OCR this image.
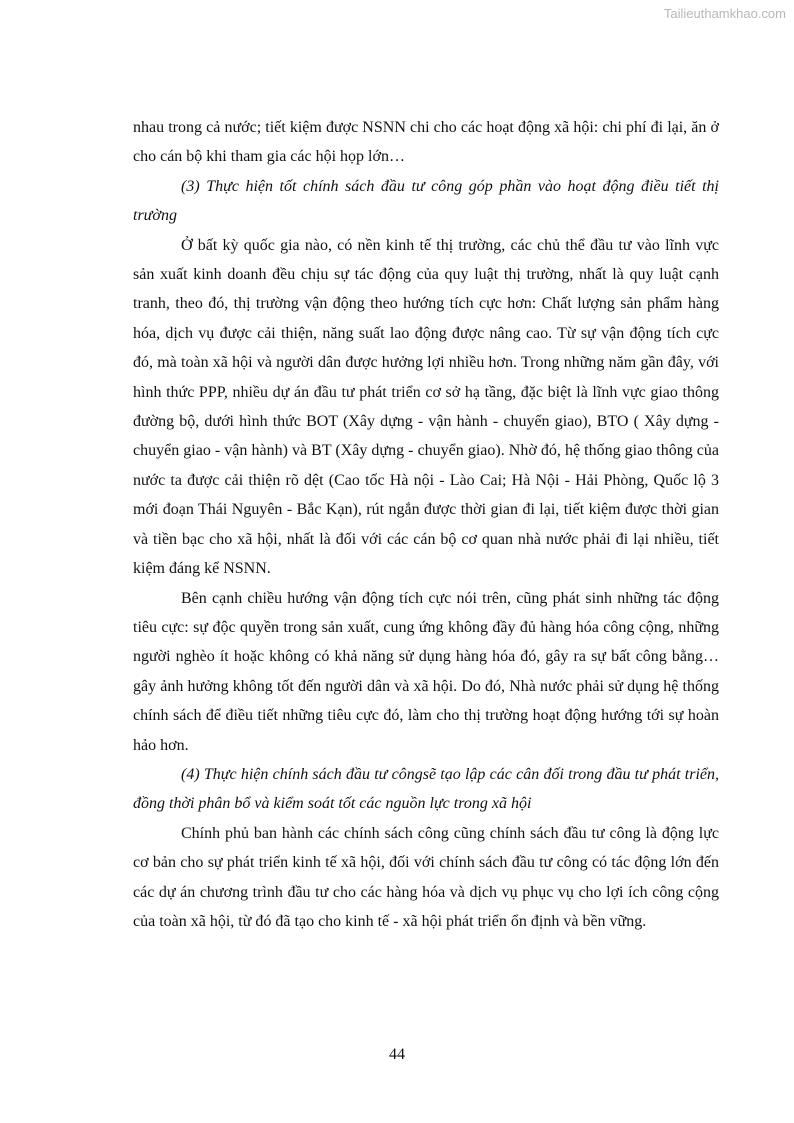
Tailieuthamkhao.com

nhau trong cả nước; tiết kiệm được NSNN chi cho các hoạt động xã hội: chi phí đi lại, ăn ở cho cán bộ khi tham gia các hội họp lớn…

(3) Thực hiện tốt chính sách đầu tư công góp phần vào hoạt động điều tiết thị trường

Ở bất kỳ quốc gia nào, có nền kinh tế thị trường, các chủ thể đầu tư vào lĩnh vực sản xuất kinh doanh đều chịu sự tác động của quy luật thị trường, nhất là quy luật cạnh tranh, theo đó, thị trường vận động theo hướng tích cực hơn: Chất lượng sản phẩm hàng hóa, dịch vụ được cải thiện, năng suất lao động được nâng cao. Từ sự vận động tích cực đó, mà toàn xã hội và người dân được hưởng lợi nhiều hơn. Trong những năm gần đây, với hình thức PPP, nhiều dự án đầu tư phát triển cơ sở hạ tầng, đặc biệt là lĩnh vực giao thông đường bộ, dưới hình thức BOT (Xây dựng - vận hành - chuyển giao), BTO ( Xây dựng - chuyển giao - vận hành) và BT (Xây dựng - chuyển giao). Nhờ đó, hệ thống giao thông của nước ta được cải thiện rõ dệt (Cao tốc Hà nội - Lào Cai; Hà Nội - Hải Phòng, Quốc lộ 3 mới đoạn Thái Nguyên - Bắc Kạn), rút ngắn được thời gian đi lại, tiết kiệm được thời gian và tiền bạc cho xã hội, nhất là đối với các cán bộ cơ quan nhà nước phải đi lại nhiều, tiết kiệm đáng kể NSNN.

Bên cạnh chiều hướng vận động tích cực nói trên, cũng phát sinh những tác động tiêu cực: sự độc quyền trong sản xuất, cung ứng không đầy đủ hàng hóa công cộng, những người nghèo ít hoặc không có khả năng sử dụng hàng hóa đó, gây ra sự bất công bằng… gây ảnh hưởng không tốt đến người dân và xã hội. Do đó, Nhà nước phải sử dụng hệ thống chính sách để điều tiết những tiêu cực đó, làm cho thị trường hoạt động hướng tới sự hoàn hảo hơn.

(4) Thực hiện chính sách đầu tư côngsẽ tạo lập các cân đối trong đầu tư phát triển, đồng thời phân bổ và kiểm soát tốt các nguồn lực trong xã hội

Chính phủ ban hành các chính sách công cũng chính sách đầu tư công là động lực cơ bản cho sự phát triển kinh tế xã hội, đối với chính sách đầu tư công có tác động lớn đến các dự án chương trình đầu tư cho các hàng hóa và dịch vụ phục vụ cho lợi ích công cộng của toàn xã hội, từ đó đã tạo cho kinh tế - xã hội phát triển ổn định và bền vững.

44
